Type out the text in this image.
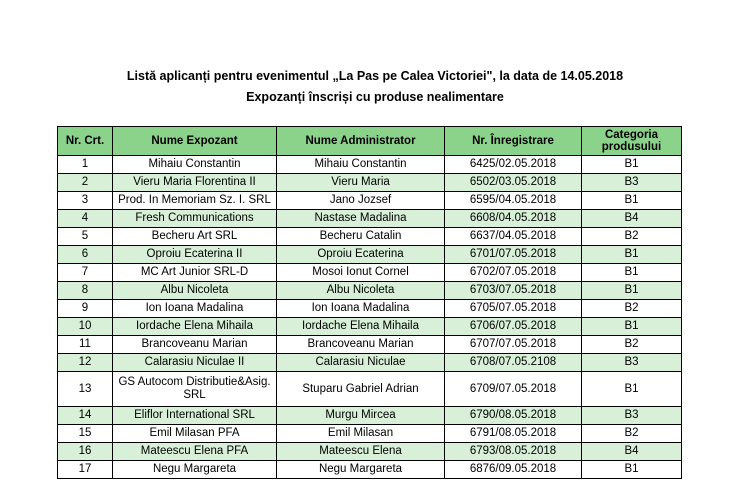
Listă aplicanți pentru evenimentul „La Pas pe Calea Victoriei", la data de 14.05.2018
Expozanți înscriși cu produse nealimentare
Nr. Crt.	Nume Expozant	Nume Administrator	Nr. Înregistrare	Categoria produsului
1	Mihaiu Constantin	Mihaiu Constantin	6425/02.05.2018	B1
2	Vieru Maria Florentina II	Vieru Maria	6502/03.05.2018	B3
3	Prod. In Memoriam Sz. I. SRL	Jano Jozsef	6595/04.05.2018	B1
4	Fresh Communications	Nastase Madalina	6608/04.05.2018	B4
5	Becheru Art SRL	Becheru Catalin	6637/04.05.2018	B2
6	Oproiu Ecaterina II	Oproiu Ecaterina	6701/07.05.2018	B1
7	MC Art Junior SRL-D	Mosoi Ionut Cornel	6702/07.05.2018	B1
8	Albu Nicoleta	Albu Nicoleta	6703/07.05.2018	B1
9	Ion Ioana Madalina	Ion Ioana Madalina	6705/07.05.2018	B2
10	Iordache Elena Mihaila	Iordache Elena Mihaila	6706/07.05.2018	B1
11	Brancoveanu Marian	Brancoveanu Marian	6707/07.05.2018	B2
12	Calarasiu Niculae II	Calarasiu Niculae	6708/07.05.2108	B3
13	GS Autocom Distributie&Asig. SRL	Stuparu Gabriel Adrian	6709/07.05.2018	B1
14	Eliflor International SRL	Murgu Mircea	6790/08.05.2018	B3
15	Emil Milasan PFA	Emil Milasan	6791/08.05.2018	B2
16	Mateescu Elena PFA	Mateescu Elena	6793/08.05.2018	B4
17	Negu Margareta	Negu Margareta	6876/09.05.2018	B1
